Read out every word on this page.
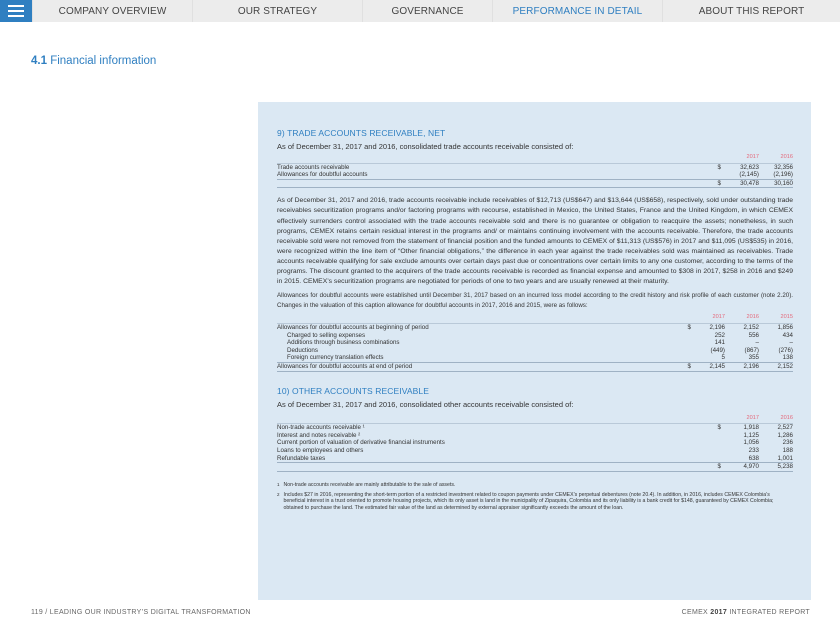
COMPANY OVERVIEW	OUR STRATEGY	GOVERNANCE	PERFORMANCE IN DETAIL	ABOUT THIS REPORT
4.1 Financial information
9) TRADE ACCOUNTS RECEIVABLE, NET
As of December 31, 2017 and 2016, consolidated trade accounts receivable consisted of:
		2017	2016
Trade accounts receivable	$	32,623	32,356
Allowances for doubtful accounts		(2,145)	(2,196)
	$	30,478	30,160
As of December 31, 2017 and 2016, trade accounts receivable include receivables of $12,713 (US$647) and $13,644 (US$658), respectively, sold under outstanding trade receivables securitization programs and/or factoring programs with recourse, established in Mexico, the United States, France and the United Kingdom, in which CEMEX effectively surrenders control associated with the trade accounts receivable sold and there is no guarantee or obligation to reacquire the assets; nonetheless, in such programs, CEMEX retains certain residual interest in the programs and/ or maintains continuing involvement with the accounts receivable. Therefore, the trade accounts receivable sold were not removed from the statement of financial position and the funded amounts to CEMEX of $11,313 (US$576) in 2017 and $11,095 (US$535) in 2016, were recognized within the line item of “Other financial obligations,” the difference in each year against the trade receivables sold was maintained as receivables. Trade accounts receivable qualifying for sale exclude amounts over certain days past due or concentrations over certain limits to any one customer, according to the terms of the programs. The discount granted to the acquirers of the trade accounts receivable is recorded as financial expense and amounted to $308 in 2017, $258 in 2016 and $249 in 2015. CEMEX’s securitization programs are negotiated for periods of one to two years and are usually renewed at their maturity.
Allowances for doubtful accounts were established until December 31, 2017 based on an incurred loss model according to the credit history and risk profile of each customer (note 2.20). Changes in the valuation of this caption allowance for doubtful accounts in 2017, 2016 and 2015, were as follows:
		2017	2016	2015
Allowances for doubtful accounts at beginning of period	$	2,196	2,152	1,856
Charged to selling expenses		252	556	434
Additions through business combinations		141	–	–
Deductions		(449)	(867)	(276)
Foreign currency translation effects		5	355	138
Allowances for doubtful accounts at end of period	$	2,145	2,196	2,152
10) OTHER ACCOUNTS RECEIVABLE
As of December 31, 2017 and 2016, consolidated other accounts receivable consisted of:
		2017	2016
Non-trade accounts receivable ¹	$	1,918	2,527
Interest and notes receivable ²		1,125	1,286
Current portion of valuation of derivative financial instruments		1,056	236
Loans to employees and others		233	188
Refundable taxes		638	1,001
	$	4,970	5,238
1 Non-trade accounts receivable are mainly attributable to the sale of assets.
2 Includes $27 in 2016, representing the short-term portion of a restricted investment related to coupon payments under CEMEX’s perpetual debentures (note 20.4). In addition, in 2016, includes CEMEX Colombia’s beneficial interest in a trust oriented to promote housing projects, which its only asset is land in the municipality of Zipaquira, Colombia and its only liability is a bank credit for $148, guaranteed by CEMEX Colombia; obtained to purchase the land. The estimated fair value of the land as determined by external appraiser significantly exceeds the amount of the loan.
119 / LEADING OUR INDUSTRY’S DIGITAL TRANSFORMATION	CEMEX 2017 INTEGRATED REPORT
